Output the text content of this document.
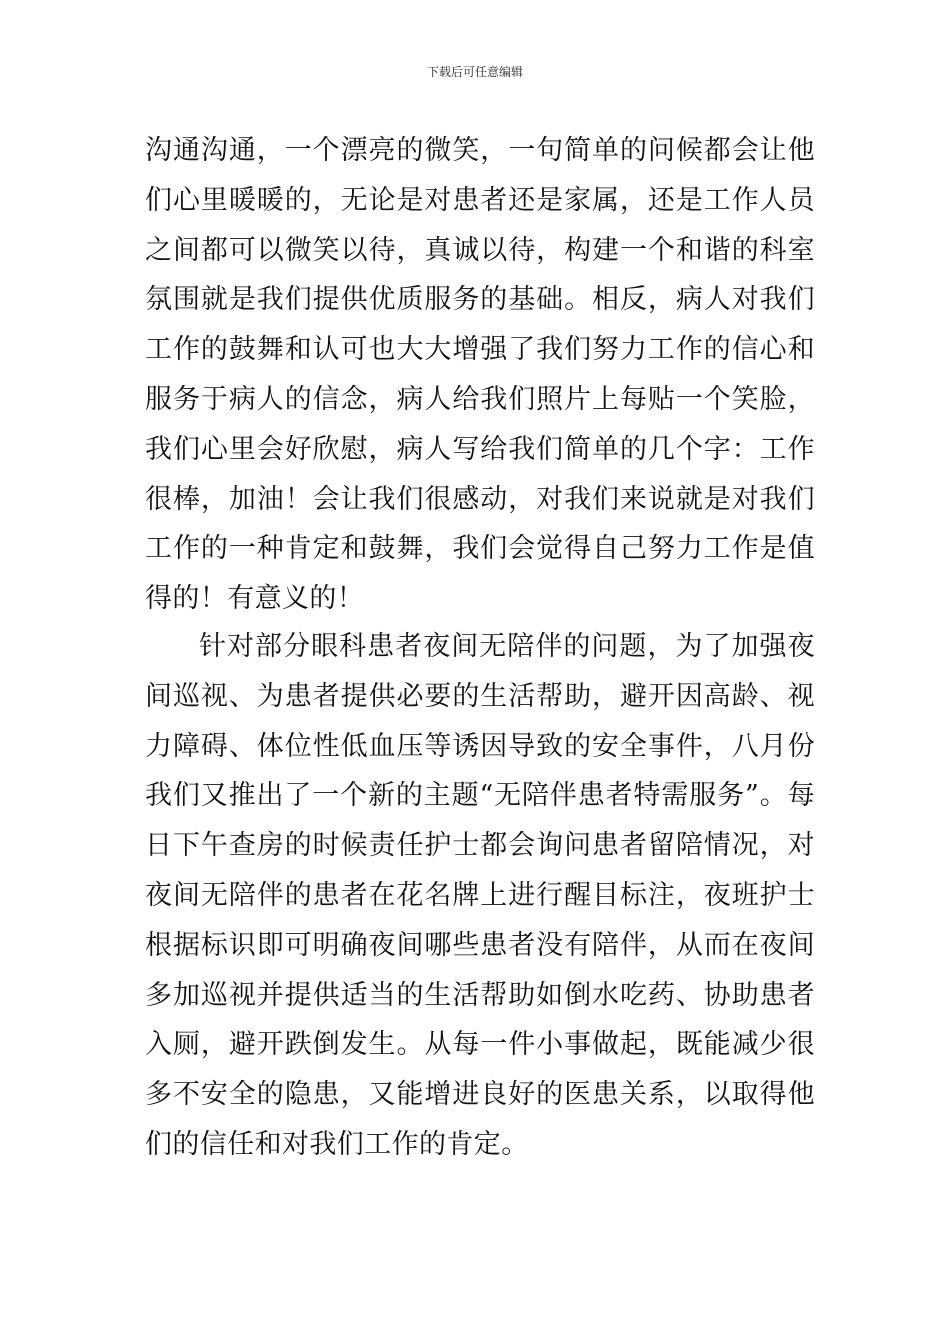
下载后可任意编辑

沟通沟通，一个漂亮的微笑，一句简单的问候都会让他们心里暖暖的，无论是对患者还是家属，还是工作人员之间都可以微笑以待，真诚以待，构建一个和谐的科室氛围就是我们提供优质服务的基础。相反，病人对我们工作的鼓舞和认可也大大增强了我们努力工作的信心和服务于病人的信念，病人给我们照片上每贴一个笑脸，我们心里会好欣慰，病人写给我们简单的几个字：工作很棒，加油！会让我们很感动，对我们来说就是对我们工作的一种肯定和鼓舞，我们会觉得自己努力工作是值得的！有意义的！

针对部分眼科患者夜间无陪伴的问题，为了加强夜间巡视、为患者提供必要的生活帮助，避开因高龄、视力障碍、体位性低血压等诱因导致的安全事件，八月份我们又推出了一个新的主题“无陪伴患者特需服务”。每日下午查房的时候责任护士都会询问患者留陪情况，对夜间无陪伴的患者在花名牌上进行醒目标注，夜班护士根据标识即可明确夜间哪些患者没有陪伴，从而在夜间多加巡视并提供适当的生活帮助如倒水吃药、协助患者入厕，避开跌倒发生。从每一件小事做起，既能减少很多不安全的隐患，又能增进良好的医患关系，以取得他们的信任和对我们工作的肯定。
